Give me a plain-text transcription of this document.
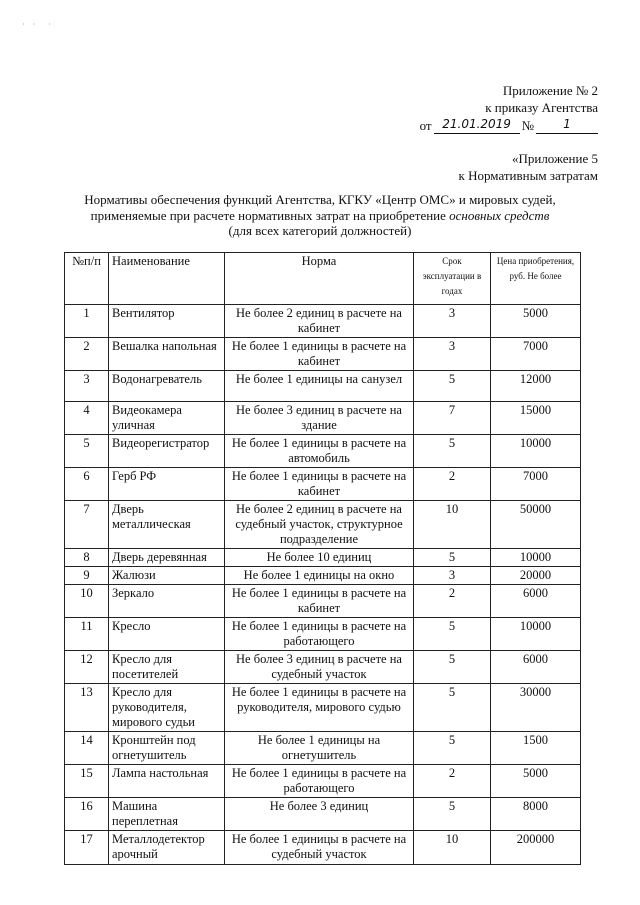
· ·  ·
Приложение № 2
к приказу Агентства
от 21.01.2019 №	1
«Приложение 5
к Нормативным затратам
Нормативы обеспечения функций Агентства, КГКУ «Центр ОМС» и мировых судей,
применяемые при расчете нормативных затрат на приобретение основных средств
(для всех категорий должностей)
№п/п	Наименование	Норма	Срок эксплуатации в годах	Цена приобретения, руб. Не более
1	Вентилятор	Не более 2 единиц в расчете на кабинет	3	5000
2	Вешалка напольная	Не более 1 единицы в расчете на кабинет	3	7000
3	Водонагреватель	Не более 1 единицы на санузел	5	12000
4	Видеокамера уличная	Не более 3 единиц в расчете на здание	7	15000
5	Видеорегистратор	Не более 1 единицы в расчете на автомобиль	5	10000
6	Герб РФ	Не более 1 единицы в расчете на кабинет	2	7000
7	Дверь металлическая	Не более 2 единиц в расчете на судебный участок, структурное подразделение	10	50000
8	Дверь деревянная	Не более 10 единиц	5	10000
9	Жалюзи	Не более 1 единицы на окно	3	20000
10	Зеркало	Не более 1 единицы в расчете на кабинет	2	6000
11	Кресло	Не более 1 единицы в расчете на работающего	5	10000
12	Кресло для посетителей	Не более 3 единиц в расчете на судебный участок	5	6000
13	Кресло для руководителя, мирового судьи	Не более 1 единицы в расчете на руководителя, мирового судью	5	30000
14	Кронштейн под огнетушитель	Не более 1 единицы на огнетушитель	5	1500
15	Лампа настольная	Не более 1 единицы в расчете на работающего	2	5000
16	Машина переплетная	Не более 3 единиц	5	8000
17	Металлодетектор арочный	Не более 1 единицы в расчете на судебный участок	10	200000
